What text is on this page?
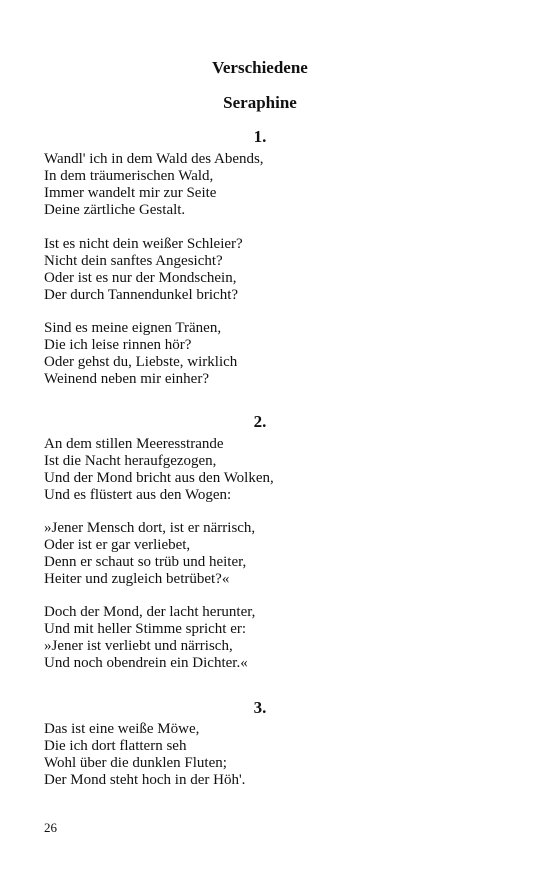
Verschiedene
Seraphine
1.

Wandl' ich in dem Wald des Abends,
In dem träumerischen Wald,
Immer wandelt mir zur Seite
Deine zärtliche Gestalt.

Ist es nicht dein weißer Schleier?
Nicht dein sanftes Angesicht?
Oder ist es nur der Mondschein,
Der durch Tannendunkel bricht?

Sind es meine eignen Tränen,
Die ich leise rinnen hör?
Oder gehst du, Liebste, wirklich
Weinend neben mir einher?

2.

An dem stillen Meeresstrande
Ist die Nacht heraufgezogen,
Und der Mond bricht aus den Wolken,
Und es flüstert aus den Wogen:

»Jener Mensch dort, ist er närrisch,
Oder ist er gar verliebet,
Denn er schaut so trüb und heiter,
Heiter und zugleich betrübet?«

Doch der Mond, der lacht herunter,
Und mit heller Stimme spricht er:
»Jener ist verliebt und närrisch,
Und noch obendrein ein Dichter.«

3.

Das ist eine weiße Möwe,
Die ich dort flattern seh
Wohl über die dunklen Fluten;
Der Mond steht hoch in der Höh'.

26
